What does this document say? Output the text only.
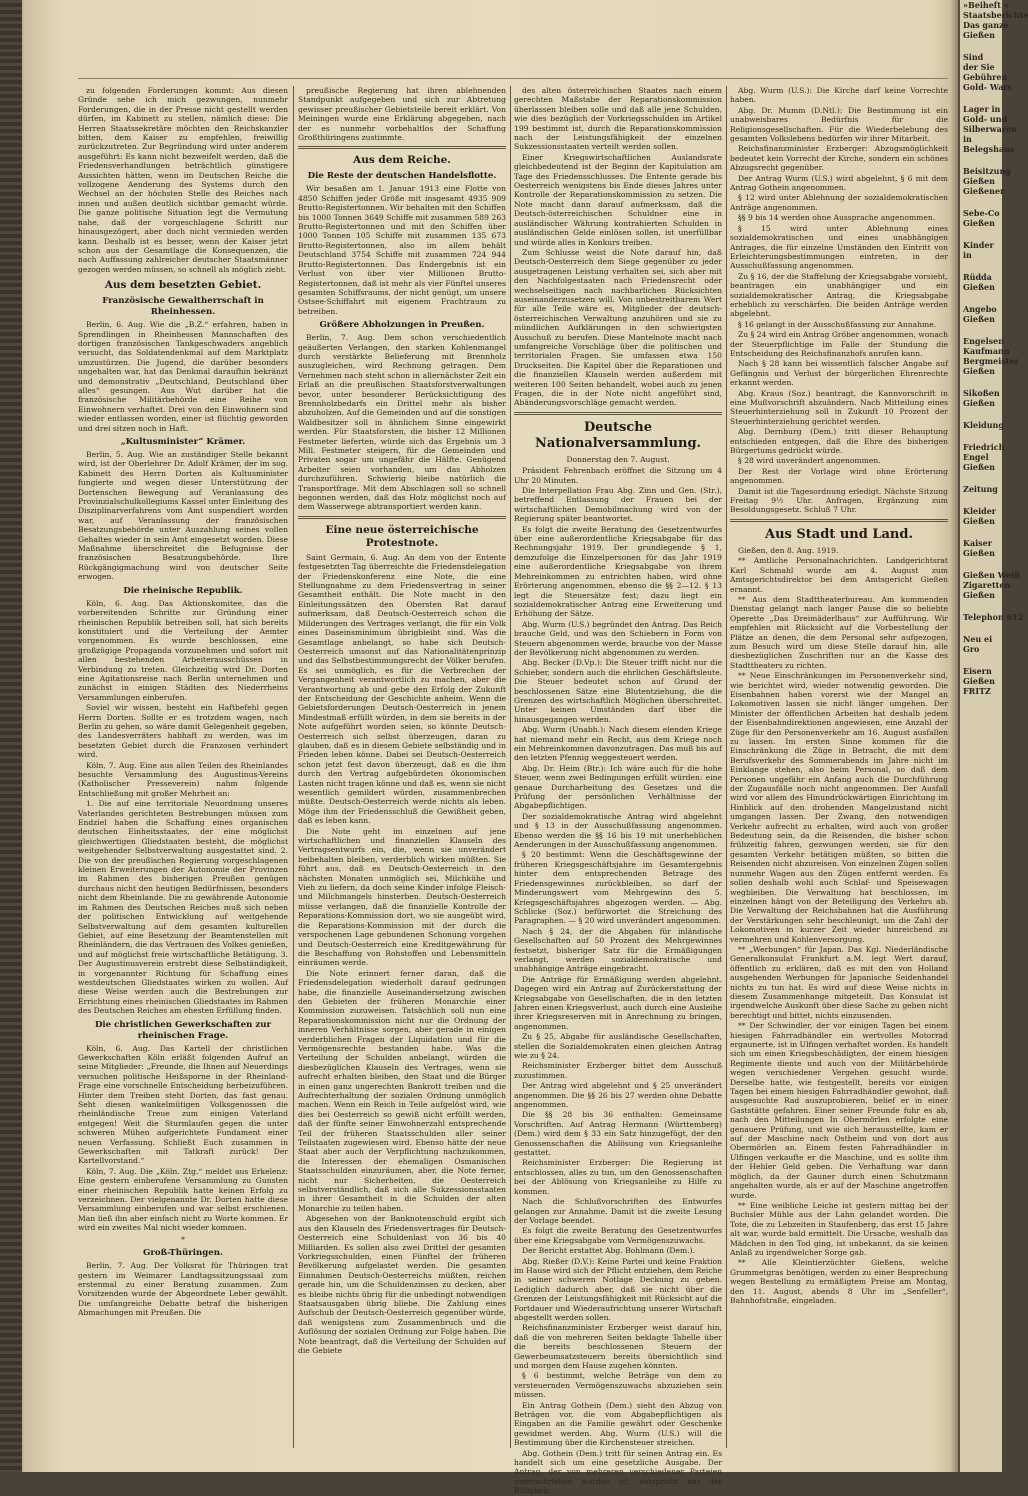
zu folgenden Forderungen kommt: Aus diesen Gründe sehe ich mich gezwungen, nunmehr Forderungen, die in der Presse nicht gestellt werden dürfen, im Kabinett zu stellen, nämlich diese: Die Herren Staatssekretäre möchten den Reichskanzler bitten, dem Kaiser zu empfehlen, freiwillig zurückzutreten. Zur Begründung wird unter anderem ausgeführt: Es kann nicht bezweifelt werden, daß die Friedensverhandlungen beträchtlich günstigere Aussichten hätten, wenn im Deutschen Reiche die vollzogene Aenderung des Systems durch den Wechsel an der höchsten Stelle des Reiches nach innen und außen deutlich sichtbar gemacht würde. Die ganze politische Situation legt die Vermutung nahe, daß der vorgeschlagene Schritt nur hinausgezögert, aber doch nicht vermieden werden kann. Deshalb ist es besser, wenn der Kaiser jetzt schon aus der Gesamtlage die Konsequenzen, die nach Auffassung zahlreicher deutscher Staatsmänner gezogen werden müssen, so schnell als möglich zieht.

Aus dem besetzten Gebiet.
Französische Gewaltherrschaft in Rheinhessen.

Berlin, 6. Aug. Wie die „B.Z.“ erfahren, haben in Sprendlingen in Rheinhessen Mannschaften des dortigen französischen Tankgeschwaders angeblich versucht, das Soldatendenkmal auf dem Marktplatz umzustürzen. Die Jugend, die darüber besonders ungehalten war, hat das Denkmal daraufhin bekränzt und demonstrativ „Deutschland, Deutschland über alles“ gesungen. Aus Wut darüber hat die französische Militärbehörde eine Reihe von Einwohnern verhaftet. Drei von den Einwohnern sind wieder entlassen worden, einer ist flüchtig geworden und drei sitzen noch in Haft.

„Kultusminister“ Krämer.

Berlin, 5. Aug. Wie an zuständiger Stelle bekannt wird, ist der Oberlehrer Dr. Adolf Krämer, der im sog. Kabinett des Herrn Dorten als Kultusminister fungierte und wegen dieser Unterstützung der Dortenschen Bewegung auf Veranlassung des Provinzialschulkollegiums Kassel unter Einleitung des Disziplinarverfahrens vom Amt suspendiert worden war, auf Veranlassung der französischen Besatzungsbehörde unter Auszahlung seines vollen Gehaltes wieder in sein Amt eingesetzt worden. Diese Maßnahme überschreitet die Befugnisse der französischen Besatzungsbehörde. Ihre Rückgängigmachung wird von deutscher Seite erwogen.

Die rheinische Republik.

Köln, 6. Aug. Das Aktionskomitee, das die vorbereitenden Schritte zur Gründung einer rheinischen Republik betreiben soll, hat sich bereits konstituiert und die Verteilung der Aemter vorgenommen. Es wurde beschlossen, eine großzügige Propaganda vorzunehmen und sofort mit allen bestehenden Arbeiterausschüssen in Verbindung zu treten. Gleichzeitig wird Dr. Dorten eine Agitationsreise nach Berlin unternehmen und zunächst in einigen Städten des Niederrheins Versammlungen einberufen.

Soviel wir wissen, besteht ein Haftbefehl gegen Herrn Dorten. Sollte er es trotzdem wagen, nach Berlin zu gehen, so wäre damit Gelegenheit gegeben, des Landesverräters habhaft zu werden, was im besetzten Gebiet durch die Franzosen verhindert wird.

Köln, 7. Aug. Eine aus allen Teilen des Rheinlandes besuchte Versammlung des Augustinus-Vereins (Katholischer Presseverein) nahm folgende Entschließung mit großer Mehrheit an:

1. Die auf eine territoriale Neuordnung unseres Vaterlandes gerichteten Bestrebungen müssen zum Endziel haben die Schaffung eines organischen deutschen Einheitsstaates, der eine möglichst gleichwertigen Gliedstaaten besteht, die möglichst weitgehender Selbstverwaltung ausgestattet sind. 2. Die von der preußischen Regierung vorgeschlagenen kleinen Erweiterungen der Autonomie der Provinzen im Rahmen des bisherigen Preußen genügen durchaus nicht den heutigen Bedürfnissen, besonders nicht dem Rheinlande. Die zu gewährende Autonomie im Rahmen des Deutschen Reiches muß sich neben der politischen Entwicklung auf weitgehende Selbstverwaltung auf dem gesamten kulturellen Gebiet, auf eine Besetzung der Beamtenstellen mit Rheinländern, die das Vertrauen des Volkes genießen, und auf möglichst freie wirtschaftliche Betätigung. 3. Der Augustinusverein erstrebt diese Selbständigkeit, in vorgenannter Richtung für Schaffung eines westdeutschen Gliedstaates wirken zu wollen. Auf diese Weise werden auch die Bestrebungen zur Errichtung eines rheinischen Gliedstaates im Rahmen des Deutschen Reiches am ehesten Erfüllung finden.

Die christlichen Gewerkschaften zur rheinischen Frage.

Köln, 6. Aug. Das Kartell der christlichen Gewerkschaften Köln erläßt folgenden Aufruf an seine Mitglieder: „Freunde, die Ihnen auf Neuerdings versuchen politische Heißsporne in der Rheinland-Frage eine vorschnelle Entscheidung herbeizuführen. Hinter dem Treiben steht Dorten, das fast genau. Seht diesen wankelmütigen Volksgenossen die rheinländische Treue zum einigen Vaterland entgegen! Weit die Sturmlaufen gegen die unter schweren Mühen aufgerichtete Fundament einer neuen Verfassung. Schließt Euch zusammen in Gewerkschaften mit Tatkraft zurück! Der Kartellvorstand.“

Köln, 7. Aug. Die „Köln. Ztg.“ meldet aus Erkelenz: Eine gestern einberufene Versammlung zu Gunsten einer rheinischen Republik hatte keinen Erfolg zu verzeichnen. Der vielgenannte Dr. Dorten hatte diese Versammlung einberufen und war selbst erschienen. Man ließ ihn aber einfach nicht zu Worte kommen. Er wird ein zweites Mal nicht wieder kommen.

*

Groß-Thüringen.

Berlin, 7. Aug. Der Volksrat für Thüringen trat gestern im Weimarer Landtagssitzungssaal zum erstenmal zu einer Beratung zusammen. Zum Vorsitzenden wurde der Abgeordnete Leber gewählt. Die umfangreiche Debatte betraf die bisherigen Abmachungen mit Preußen. Die

preußische Regierung hat ihren ablehnenden Standpunkt aufgegeben und sich zur Abtretung gewisser preußischer Gebietsteile bereit erklärt. Von Meiningen wurde eine Erklärung abgegeben, nach der es nunmehr vorbehaltlos der Schaffung Großthüringens zustimmte.

Aus dem Reiche.
Die Reste der deutschen Handelsflotte.

Wir besaßen am 1. Januar 1913 eine Flotte von 4850 Schiffen jeder Größe mit insgesamt 4935 909 Brutto-Registertonnen. Wir behalten mit den Schiffen bis 1000 Tonnen 3649 Schiffe mit zusammen 589 263 Brutto-Registertonnen und mit den Schiffen über 1000 Tonnen 105 Schiffe mit zusammen 135 673 Brutto-Registertonnen, also im allem behält Deutschland 3754 Schiffe mit zusammen 724 944 Brutto-Registertonnen. Das Endergebnis ist ein Verlust von über vier Millionen Brutto-Registertonnen, daß ist mehr als vier Fünftel unseres gesamten Schiffsraums, der nicht genügt, um unsere Ostsee-Schiffahrt mit eigenem Frachtraum zu betreiben.

Größere Abholzungen in Preußen.

Berlin, 7. Aug. Dem schon verschiedentlich geäußerten Verlangen, den starken Kohlenmangel durch verstärkte Belieferung mit Brennholz auszugleichen, wird Rechnung getragen. Dem Vernehmen nach steht schon in allernächster Zeit ein Erlaß an die preußischen Staatsforstverwaltungen bevor, unter besonderer Berücksichtigung des Brennholzbedarfs ein Drittel mehr als bisher abzuholzen. Auf die Gemeinden und auf die sonstigen Waldbesitzer soll in ähnlichem Sinne eingewirkt werden. Für Staatsforsten, die bisher 12 Millionen Festmeter lieferten, würde sich das Ergebnis um 3 Mill. Festmeter steigern, für die Gemeinden und Privaten sogar um ungefähr die Hälfte. Genügend Arbeiter seien vorhanden, um das Abholzen durchzuführen. Schwierig bleibe natürlich die Transportfrage. Mit dem Abschlagen soll so schnell begonnen werden, daß das Holz möglichst noch auf dem Wasserwege abtransportiert werden kann.

Eine neue österreichische Protestnote.

Saint Germain, 6. Aug. An dem von der Entente festgesetzten Tag überreichte die Friedensdelegation der Friedenskonferenz eine Note, die eine Stellungnahme zu dem Friedensvertrag in seiner Gesamtheit enthält. Die Note macht in den Einleitungssätzen den Obersten Rat darauf aufmerksam, daß Deutsch-Oesterreich schon die Milderungen des Vertrages verlangt, die für ein Volk eines Daseinsminimum übrigbleibt sind. Was die Gesamtlage anbelangt, so habe sich Deutsch-Oesterreich umsonst auf das Nationalitätenprinzip und das Selbstbestimmungsrecht der Völker berufen. Es sei unmöglich, es für die Verbrechen der Vergangenheit verantwortlich zu machen, aber die Verantwortung ab und gebe den Erfolg der Zukunft der Entscheidung der Geschichte anheim. Wenn die Gebietsforderungen Deutsch-Oesterreich in jenem Mindestmaß erfüllt würden, in dem sie bereits in der Note aufgeführt worden seien, so könnte Deutsch-Oesterreich sich selbst überzeugen, daran zu glauben, daß es in diesem Gebiete selbständig und in Frieden leben könne. Dabei sei Deutsch-Oesterreich schon jetzt fest davon überzeugt, daß es die ihm durch den Vertrag aufgebürdeten ökonomischen Lasten nicht tragen könne und daß es, wenn sie nicht wesentlich gemildert würden, zusammenbrechen müßte. Deutsch-Oesterreich werde nichts als leben. Möge ihm der Friedensschluß die Gewißheit geben, daß es leben kann.

Die Note geht im einzelnen auf jene wirtschaftlichen und finanziellen Klauseln des Vertragsentwurfs ein, die, wenn sie unverändert beibehalten bleiben, verderblich wirken müßten. Sie führt aus, daß es Deutsch-Oesterreich in den nächsten Monaten unmöglich sei, Milchkühe und Vieh zu liefern, da doch seine Kinder infolge Fleisch- und Milchmangels hinsterben. Deutsch-Oesterreich müsse verlangen, daß die finanzielle Kontrolle der Reparations-Kommission dort, wo sie ausgeübt wird, die Reparations-Kommission mit der durch die verspochenen Lage gebundenen Schonung vorgehen und Deutsch-Oesterreich eine Kreditgewährung für die Beschaffung von Rohstoffen und Lebensmitteln einräumen werde.

Die Note erinnert ferner daran, daß die Friedensdelegation wiederholt darauf gedrungen habe, die finanzielle Auseinandersetzung zwischen den Gebieten der früheren Monarchie einer Kommission zuzuweisen. Tatsächlich soll nun eine Reparationskommission nicht nur die Ordnung der inneren Verhältnisse sorgen, aber gerade in einigen verderblichen Fragen der Liquidation und für die Vermögensrechte bestanden habe. Was die Verteilung der Schulden anbelangt, würden die diesbezüglichen Klauseln des Vertrages, wenn sie aufrecht erhalten bleiben, den Staat und die Bürger in einen ganz ungerechten Bankrott treiben und die Aufrechterhaltung der sozialen Ordnung unmöglich machen. Wenn ein Reich in Teile aufgelöst wird, wie dies bei Oesterreich so gewiß nicht erfüllt werden, daß der fünfte seiner Einwohnerzahl entsprechende Teil der früheren Staatsschulden aller seiner Teilstaaten zugewiesen wird. Ebenso hätte der neue Staat aber auch der Verpflichtung nachzukommen, die Interessen der ehemaligen Osmanischen Staatsschulden einzuräumen, aber, die Note ferner, nicht nur Sicherheiten, die Oesterreich selbstverständlich, daß sich alle Sukzessionsstaaten in ihrer Gesamtheit in die Schulden der alten Monarchie zu teilen haben.

Abgesehen von der Banknotenschuld ergibt sich aus den Klauseln des Friedensvertrages für Deutsch-Oesterreich eine Schuldenlast von 36 bis 40 Milliarden. Es sollen also zwei Drittel der gesamten Vorkriegsschulden, einen Fünftel der früheren Bevölkerung aufgelastet werden. Die gesamten Einnahmen Deutsch-Oesterreichs müßten, reichen gerade hin, um die Schuldenzinsen zu decken, aber es bleibe nichts übrig für die unbedingt notwendigen Staatsausgaben übrig bliebe. Die Zahlung eines Aufschub der Deutsch-Oesterreich gegenüber würde, daß wenigstens zum Zusammenbruch und die Auflösung der sozialen Ordnung zur Folge haben. Die Note beantragt, daß die Verteilung der Schulden auf die Gebiete

des alten österreichischen Staates nach einem gerechten Maßstabe der Reparationskommission überlassen bleiben solle und daß alle jene Schulden, wie dies bezüglich der Vorkriegsschulden im Artikel 199 bestimmt ist, durch die Reparationskommission nach der Leistungsfähigkeit der einzelnen Sukzessionsstaaten verteilt werden sollen.

Einer Kriegswirtschaftlichen Auslandsrate gleichbedeutend ist der Beginn der Kapitulation am Tage des Friedensschlusses. Die Entente gerade bis Oesterreich wenigstens bis Ende dieses Jahres unter Kontrolle der Reparationskommission zu setzen. Die Note macht dann darauf aufmerksam, daß die Deutsch-österreichischen Schuldner eine in ausländischer Währung kontrahierten Schulden in ausländischen Gelde einlösen sollen, ist unerfüllbar und würde alles in Konkurs treiben.

Zum Schlusse weist die Note darauf hin, daß Deutsch-Oesterreich dem Siege gegenüber zu jeder ausgetragenen Leistung verhalten sei, sich aber mit den Nachfolgestaaten nach Friedensrecht oder wechselseitigen nach nachbarlichen Rücksichten auseinanderzusetzen will. Von unbestreitbarem Wert für alle Teile wäre es, Mitglieder der deutsch-österreichischen Verwaltung anzuhören und sie zu mündlichen Aufklärungen in den schwierigsten Ausschuß zu berufen. Diese Mantelnote macht nach umfangreiche Vorschläge über die politischen und territorialen Fragen. Sie umfassen etwa 150 Druckseiten. Die Kapitel über die Reparationen und die finanziellen Klauseln werden außerdem mit weiteren 100 Seiten behandelt, wobei auch zu jenen Fragen, die in der Note nicht angeführt sind, Abänderungsvorschläge gemacht werden.

Deutsche Nationalversammlung.

Donnerstag den 7. August.

Präsident Fehrenbach eröffnet die Sitzung um 4 Uhr 20 Minuten.

Die Interpellation Frau Abg. Zinn und Gen. (Str.), betreffend Entlassung der Frauen bei der wirtschaftlichen Demobilmachung wird von der Regierung später beantwortet.

Es folgt die zweite Beratung des Gesetzentwurfes über eine außerordentliche Kriegsabgabe für das Rechnungsjahr 1919. Der grundlegende § 1, demzufolge die Einzelpersonen für das Jahr 1919 eine außerordentliche Kriegsabgabe von ihrem Mehreinkommen zu entrichten haben, wird ohne Erörterung angenommen, ebenso die §§ 2—12. § 13 legt die Steuersätze fest; dazu liegt ein sozialdemokratischer Antrag eine Erweiterung und Erhöhung der Sätze.

Abg. Wurm (U.S.) begründet den Antrag. Das Reich brauche Geld, und was den Schiebern in Form von Steuern abgenommen werde, brauche von der Masse der Bevölkerung nicht abgenommen zu werden.

Abg. Becker (D.Vp.): Die Steuer trifft nicht nur die Schieber, sondern auch die ehrlichen Geschäftsleute. Die Steuer bedeutet schon auf Grund der beschlossenen Sätze eine Blutentziehung, die die Grenzen des wirtschaftlich Möglichen überschreitet. Unter keinen Umständen darf über die hinausgegangen werden.

Abg. Wurm (Unabh.): Nach diesem elenden Kriege hat niemand mehr ein Recht, aus dem Kriege noch ein Mehreinkommen davonzutragen. Das muß bis auf den letzten Pfennig weggesteuert werden.

Abg. Dr. Heim (Btr.): Ich wäre auch für die hohe Steuer, wenn zwei Bedingungen erfüllt würden: eine genaue Durcharbeitung des Gesetzes und die Prüfung der persönlichen Verhältnisse der Abgabepflichtigen.

Der sozialdemokratische Antrag wird abgelehnt und § 13 in der Ausschußfassung angenommen. Ebenso werden die §§ 16 bis 19 mit unerheblichen Aenderungen in der Ausschußfassung angenommen.

§ 20 bestimmt: Wenn die Geschäftsgewinne der früheren Kriegsgeschäftsjahre im Gesamtergebnis hinter dem entsprechenden Betrage des Friedensgewinnes zurückbleiben, so darf der Minderungswert vom Mehrgewinn des 5. Kriegsgeschäftsjahres abgezogen werden. — Abg. Schlicke (Soz.) befürwortet die Streichung des Paragraphen. — § 20 wird unverändert angenommen.

Nach § 24, der die Abgaben für inländische Gesellschaften auf 50 Prozent des Mehrgewinnes festsetzt, bisheriger Satz für die Ermäßigungen verlangt, werden sozialdemokratische und unabhängige Anträge eingebracht.

Die Anträge für Ermäßigung werden abgelehnt. Dagegen wird ein Antrag auf Zurückerstattung der Kriegsabgabe von Gesellschaften, die in den letzten Jahren einen Kriegsverlust, auch durch eine Ausleihe ihrer Kriegsreserven mit in Anrechnung zu bringen, angenommen.

Zu § 25, Abgabe für ausländische Gesellschaften, stellen die Sozialdemokraten einen gleichen Antrag wie zu § 24.

Reichsminister Erzberger bittet dem Ausschuß zuzustimmen.

Der Antrag wird abgelehnt und § 25 unverändert angenommen. Die §§ 26 bis 27 werden ohne Debatte angenommen.

Die §§ 28 bis 36 enthalten: Gemeinsame Vorschriften. Auf Antrag Hermann (Württemberg) (Dem.) wird dem § 33 ein Satz hinzugefügt, der den Genossenschaften die Ablösung von Kriegsanleihe gestattet.

Reichsminister Erzberger: Die Regierung ist entschlossen, alles zu tun, um den Genossenschaften bei der Ablösung von Kriegsanleihe zu Hilfe zu kommen.

Nach die Schlußvorschriften des Entwurfes gelangen zur Annahme. Damit ist die zweite Lesung der Vorlage beendet.

Es folgt die zweite Beratung des Gesetzentwurfes über eine Kriegsabgabe vom Vermögenszuwachs.

Der Bericht erstattet Abg. Bohlmann (Dem.).

Abg. Rießer (D.V.): Keine Partei und keine Fraktion im Hause wird sich der Pflicht entziehen, dem Reiche in seiner schweren Notlage Deckung zu geben. Lediglich dadurch aber, daß sie nicht über die Grenzen der Leistungsfähigkeit mit Rücksicht auf die Fortdauer und Wiederaufrichtung unserer Wirtschaft abgestellt werden sollen.

Reichsfinanzminister Erzberger weist darauf hin, daß die von mehreren Seiten beklagte Tabelle über die bereits beschlossenen Steuern der Gewerbeumsatzsteuern bereits übersichtlich sind und morgen dem Hause zugehen könnten.

§ 6 bestimmt, welche Beträge von dem zu versteuernden Vermögenszuwachs abzuziehen sein müssen.

Ein Antrag Gothein (Dem.) sieht den Abzug von Beträgen vor, die vom Abgabepflichtigen als Eingaben an die Familie gewährt oder Geschenke gewidmet werden. Abg. Wurm (U.S.) will die Bestimmung über die Kirchensteuer streichen.

Abg. Gothein (Dem.) tritt für seinen Antrag ein. Es handelt sich um eine gesetzliche Ausgabe. Der Antrag, der von mehreren verschiedener Parteien unterschrieben worden ist, entspricht nur der Billigkeit.

Abg. Wurm (U.S.): Die Kirche darf keine Vorrechte haben.

Abg. Dr. Mumm (D.Ntl.): Die Bestimmung ist ein unabweisbares Bedürfnis für die Religionsgesellschaften. Für die Wiederbelebung des gesamten Volkslebens bedürfen wir ihrer Mitarbeit.

Reichsfinanzminister Erzberger: Abzugsmöglichkeit bedeutet kein Vorrecht der Kirche, sondern ein schönes Abzugsrecht gegenüber.

Der Antrag Wurm (U.S.) wird abgelehnt, § 6 mit dem Antrag Gothein angenommen.

§ 12 wird unter Ablehnung der sozialdemokratischen Anträge angenommen.

§§ 9 bis 14 werden ohne Aussprache angenommen.

§ 15 wird unter Ablehnung eines sozialdemokratischen und eines unabhängigen Antrages, die für einzelne Umständen den Eintritt von Erleichterungsbestimmungen eintreten, in der Ausschußfassung angenommen.

Zu § 16, der die Staffelung der Kriegsabgabe vorsieht, beantragen ein unabhängiger und ein sozialdemokratischer Antrag, die Kriegsabgabe erheblich zu verschärfen. Die beiden Anträge werden abgelehnt.

§ 16 gelangt in der Ausschußfassung zur Annahme.

Zu § 24 wird ein Antrag Gröber angenommen, wonach der Steuerpflichtige im Falle der Stundung die Entscheidung des Reichsfinanzhofs anrufen kann.

Nach § 28 kann bei wissentlich falscher Angabe auf Gefängnis und Verlust der bürgerlichen Ehrenrechte erkannt werden.

Abg. Kraus (Soz.) beantragt, die Kannvorschrift in eine Mußvorschrift abzuändern. Nach Mitteilung eines Steuerhinterziehung soll in Zukunft 10 Prozent der Steuerhinterziehung gerichtet werden.

Abg. Dernburg (Dem.) tritt dieser Behauptung entschieden entgegen, daß die Ehre des bisherigen Bürgertums gedrückt würde.

§ 28 wird unverändert angenommen.

Der Rest der Vorlage wird ohne Erörterung angenommen.

Damit ist die Tagesordnung erledigt. Nächste Sitzung Freitag 9½ Uhr. Anfragen, Ergänzung zum Besoldungsgesetz. Schluß 7 Uhr.

Aus Stadt und Land.

Gießen, den 8. Aug. 1919.

** Amtliche Personalnachrichten. Landgerichtsrat Karl Schmahl wurde am 4. August zum Amtsgerichtsdirektor bei dem Amtsgericht Gießen ernannt.

** Aus dem Stadttheaterbureau. Am kommenden Dienstag gelangt nach langer Pause die so beliebte Operette „Das Dreimäderlhaus“ zur Aufführung. Wir empfehlen mit Rücksicht auf die Vorbestellung der Plätze an denen, die dem Personal sehr aufgezogen, zum Besuch wird um diese Stelle darauf hin, alle diesbezüglichen Zuschriften nur an die Kasse des Stadttheaters zu richten.

** Neue Einschränkungen im Personenverkehr sind, wie berichtet wird, wieder notwendig geworden. Die Eisenbahnen haben vorerst wie der Mangel an Lokomotiven lassen sie nicht länger umgehen. Der Minister der öffentlichen Arbeiten hat deshalb jedem der Eisenbahndirektionen angewiesen, eine Anzahl der Züge für den Personenverkehr am 16. August ausfallen zu lassen. Im ersten Sinne kommen für die Einschränkung die Züge in Betracht, die mit dem Berufsverkehr des Sommerabends im Jahre nicht im Einklange stehen, also beim Personal, so daß dem Personen ungefähr ein Anfang auch die Durchführung der Zugausfälle noch nicht angenommen. Der Ausfall wird vor allem des Hinundrückwärtigen Einrichtung im Hinblick auf den drohenden Mangelzustand nicht umgangen lassen. Der Zwang, den notwendigen Verkehr aufrecht zu erhalten, wird auch von großer Bedeutung sein, da die Reisenden, die bisher schon frühzeitig fahren, gezwungen werden, sie für den gesamten Verkehr betätigen müßten, so bitten die Reisenden nicht abzureisen. Von einzelnen Zügen sollen nunmehr Wagen aus den Zügen entfernt werden. Es sollen deshalb wohl auch Schlaf- und Speisewagen wegbleiben. Die Verwaltung hat beschlossen, im einzelnen hängt von der Beteiligung des Verkehrs ab. Die Verwaltung der Reichsbahnen hat die Ausführung der Verstärkungen sehr beschleunigt, um die Zahl der Lokomotiven in kurzer Zeit wieder hinreichend zu vermehren und Kohlenversorgung.

** „Werbungen“ für Japan. Das Kgl. Niederländische Generalkonsulat Frankfurt a.M. legt Wert darauf, öffentlich zu erklären, daß es mit den von Holland ausgehenden Werbungen für Japanische Seidenhandel nichts zu tun hat. Es wird auf diese Weise nichts in diesem Zusammenhange mitgeteilt. Das Konsulat ist irgendwelche Auskunft über diese Sache zu geben nicht berechtigt und bittet, nichts einzusenden.

** Der Schwindler, der vor einigen Tagen bei einem hiesigen Fahrradhändler ein wertvolles Motorrad ergaunerte, ist in Ulfingen verhaftet worden. Es handelt sich um einen Kriegsbeschädigten, der einem hiesigen Regimente diente und auch von der Militärbehörde wegen verschiedener Vergehen gesucht wurde. Derselbe hatte, wie festgestellt, bereits vor einigen Tagen bei einem hiesigen Fahrradhändler gewohnt, daß ausgesuchte Rad auszuprobieren, belief er in einer Gaststätte gefahren. Einer seiner Freunde fuhr es ab, nach den Mitteilungen In Obermörlen erfolgte eine genauere Prüfung, und wie sich herausstellte, kam er auf der Maschine nach Ostheim und von dort aus Obermörlen an. Einem festen Fahrradhändler in Ulfingen verkaufte er die Maschine, und es sollte ihm der Hehler Geld geben. Die Verhaftung war dann möglich, da der Gauner durch einen Schutzmann angehalten wurde, als er auf der Maschine angetroffen wurde.

** Eine weibliche Leiche ist gestern mittag bei der Buchsler Mühle aus der Lahn gelandet worden. Die Tote, die zu Lebzeiten in Staufenberg, das erst 15 Jahre alt war, wurde bald ermittelt. Die Ursache, weshalb das Mädchen in den Tod ging, ist unbekannt, da sie keinen Anlaß zu irgendwelcher Sorge gab.

** Alle Kleintierzüchter Gießens, welche Grummetgras benötigen, werden zu einer Besprechung wegen Bestellung zu ermäßigtem Preise am Montag, den 11. August, abends 8 Uhr im „Senfeller“, Bahnhofstraße, eingeladen.

»Beiheft «
Staatsberichte
Das ganze
Gießen
Sind
der Sie
Gebühren
Gold- Warc
Lager in
Gold- und
Silberwaren
in
Belegshaus
Beisitzung
Gießen
Gießener
Sebe-Co
Gießen
Kinder
in
Rüdda
Gießen
Angebo
Gießen
Engelsen
Kaufmann
Bergmeister
Gießen
Sikoßen
Gießen
Kleidung
Friedrich
Engel
Gießen
Zeitung
Kleider
Gießen
Kaiser
Gießen
Gießen Weiß
Zigaretten
Gießen
Telephon 612
Neu ei
Gro
Eisern
Gießen
FRITZ
